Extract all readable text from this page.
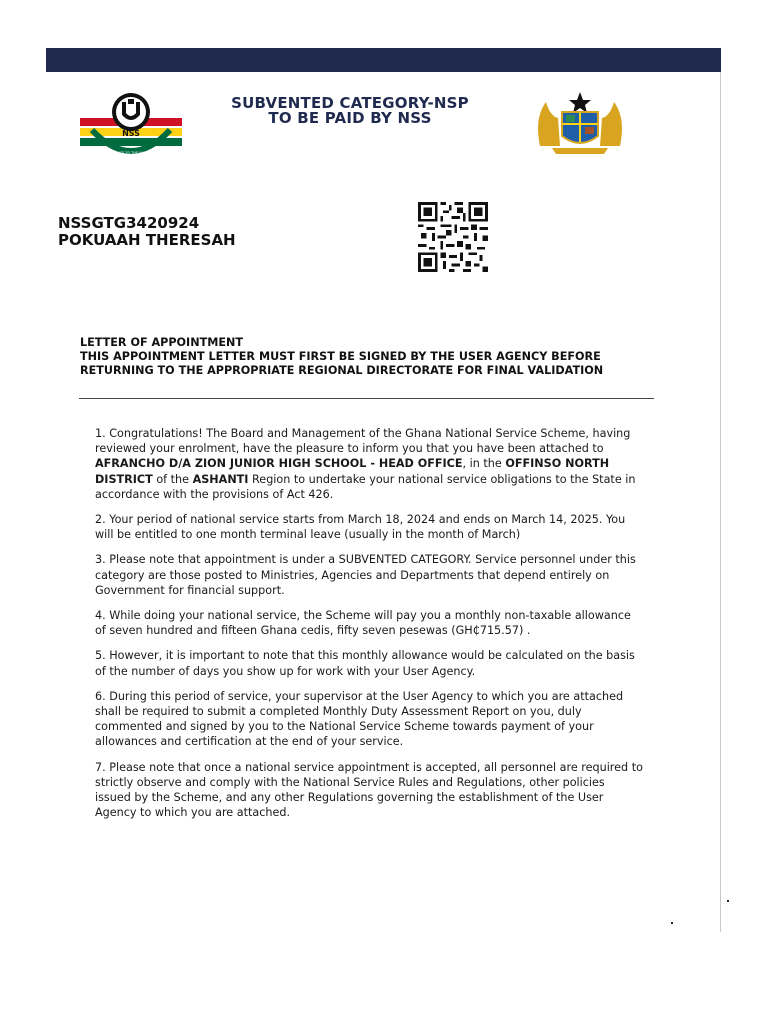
NSS
SERVICE TO THE NATION
SUBVENTED CATEGORY-NSP
TO BE PAID BY NSS
NSSGTG3420924
POKUAAH THERESAH
LETTER OF APPOINTMENT
THIS APPOINTMENT LETTER MUST FIRST BE SIGNED BY THE USER AGENCY BEFORE RETURNING TO THE APPROPRIATE REGIONAL DIRECTORATE FOR FINAL VALIDATION

1. Congratulations! The Board and Management of the Ghana National Service Scheme, having reviewed your enrolment, have the pleasure to inform you that you have been attached to AFRANCHO D/A ZION JUNIOR HIGH SCHOOL - HEAD OFFICE, in the OFFINSO NORTH DISTRICT of the ASHANTI Region to undertake your national service obligations to the State in accordance with the provisions of Act 426.

2. Your period of national service starts from March 18, 2024 and ends on March 14, 2025. You will be entitled to one month terminal leave (usually in the month of March)

3. Please note that appointment is under a SUBVENTED CATEGORY. Service personnel under this category are those posted to Ministries, Agencies and Departments that depend entirely on Government for financial support.

4. While doing your national service, the Scheme will pay you a monthly non-taxable allowance of seven hundred and fifteen Ghana cedis, fifty seven pesewas (GH₵715.57) .

5. However, it is important to note that this monthly allowance would be calculated on the basis of the number of days you show up for work with your User Agency.

6. During this period of service, your supervisor at the User Agency to which you are attached shall be required to submit a completed Monthly Duty Assessment Report on you, duly commented and signed by you to the National Service Scheme towards payment of your allowances and certification at the end of your service.

7. Please note that once a national service appointment is accepted, all personnel are required to strictly observe and comply with the National Service Rules and Regulations, other policies issued by the Scheme, and any other Regulations governing the establishment of the User Agency to which you are attached.
